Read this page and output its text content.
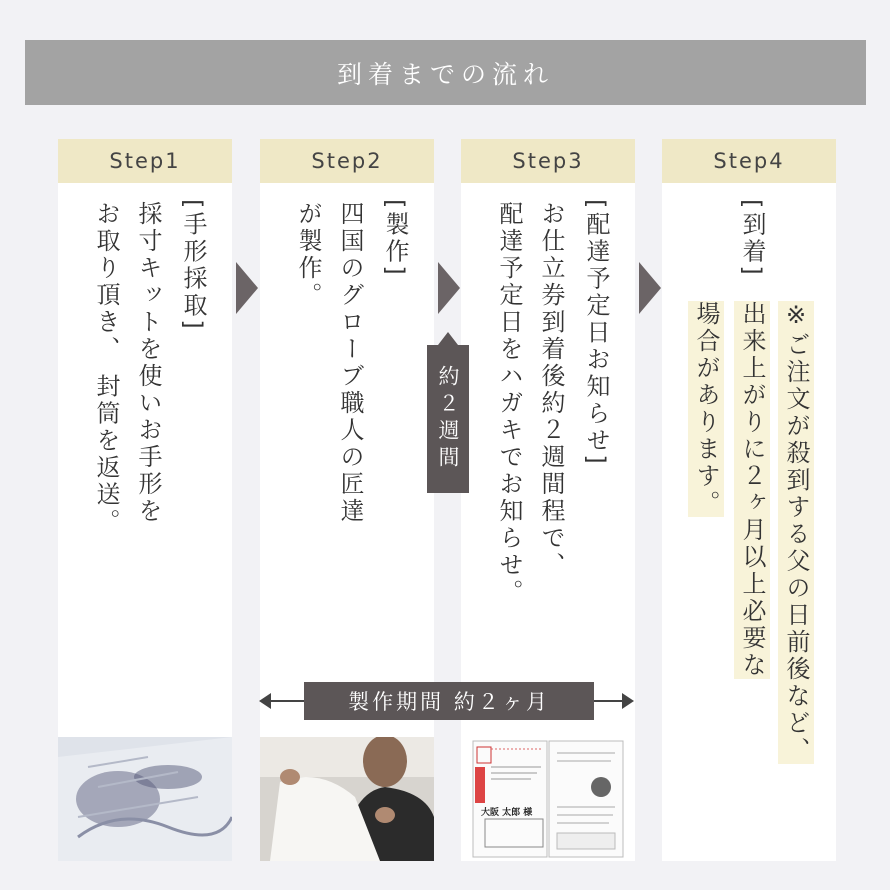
到着までの流れ
Step1
[手形採取]
採寸キットを使いお手形を
お取り頂き、 封筒を返送。
Step2
[製作]
四国のグローブ職人の匠達
が製作。
Step3
[配達予定日お知らせ]
お仕立券到着後約２週間程で、
配達予定日をハガキでお知らせ。
大阪 太郎 様
Step4
[到着]
※ご注文が殺到する父の日前後など、
出来上がりに２ヶ月以上必要な
場合があります。
約２週間
製作期間 約２ヶ月
